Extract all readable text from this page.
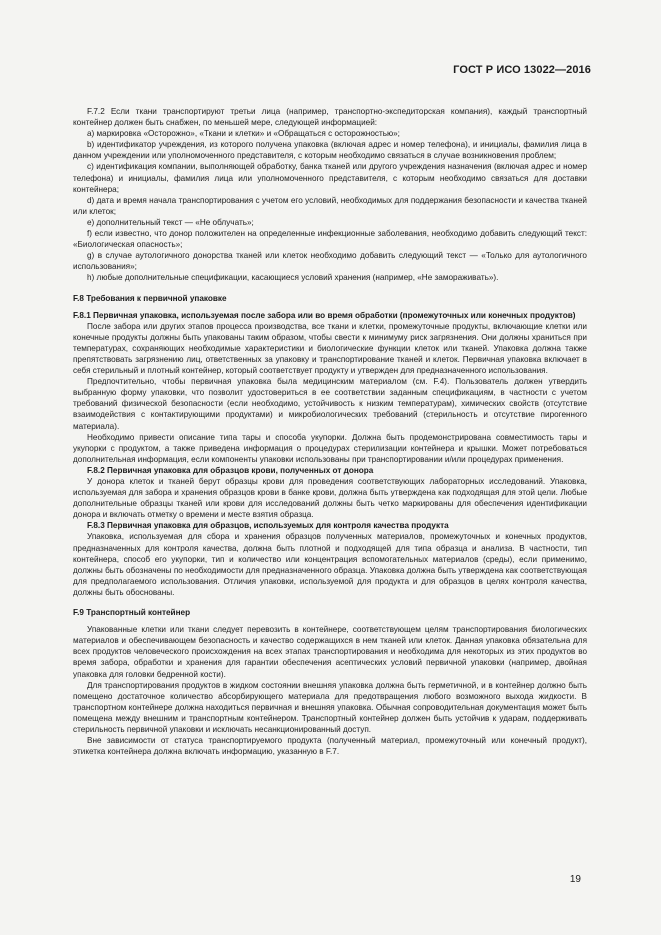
ГОСТ Р ИСО 13022—2016

F.7.2 Если ткани транспортируют третьи лица (например, транспортно-экспедиторская компания), каждый транспортный контейнер должен быть снабжен, по меньшей мере, следующей информацией:

a) маркировка «Осторожно», «Ткани и клетки» и «Обращаться с осторожностью»;

b) идентификатор учреждения, из которого получена упаковка (включая адрес и номер телефона), и инициалы, фамилия лица в данном учреждении или уполномоченного представителя, с которым необходимо связаться в случае возникновения проблем;

c) идентификация компании, выполняющей обработку, банка тканей или другого учреждения назначения (включая адрес и номер телефона) и инициалы, фамилия лица или уполномоченного представителя, с которым необходимо связаться для доставки контейнера;

d) дата и время начала транспортирования с учетом его условий, необходимых для поддержания безопасности и качества тканей или клеток;

e) дополнительный текст — «Не облучать»;

f) если известно, что донор положителен на определенные инфекционные заболевания, необходимо добавить следующий текст: «Биологическая опасность»;

g) в случае аутологичного донорства тканей или клеток необходимо добавить следующий текст — «Только для аутологичного использования»;

h) любые дополнительные спецификации, касающиеся условий хранения (например, «Не замораживать»).

F.8 Требования к первичной упаковке
F.8.1 Первичная упаковка, используемая после забора или во время обработки (промежуточных или конечных продуктов)

После забора или других этапов процесса производства, все ткани и клетки, промежуточные продукты, включающие клетки или конечные продукты должны быть упакованы таким образом, чтобы свести к минимуму риск загрязнения. Они должны храниться при температурах, сохраняющих необходимые характеристики и биологические функции клеток или тканей. Упаковка должна также препятствовать загрязнению лиц, ответственных за упаковку и транспортирование тканей и клеток. Первичная упаковка включает в себя стерильный и плотный контейнер, который соответствует продукту и утвержден для предназначенного использования.

Предпочтительно, чтобы первичная упаковка была медицинским материалом (см. F.4). Пользователь должен утвердить выбранную форму упаковки, что позволит удостовериться в ее соответствии заданным спецификациям, в частности с учетом требований физической безопасности (если необходимо, устойчивость к низким температурам), химических свойств (отсутствие взаимодействия с контактирующими продуктами) и микробиологических требований (стерильность и отсутствие пирогенного материала).

Необходимо привести описание типа тары и способа укупорки. Должна быть продемонстрирована совместимость тары и укупорки с продуктом, а также приведена информация о процедурах стерилизации контейнера и крышки. Может потребоваться дополнительная информация, если компоненты упаковки использованы при транспортировании и/или процедурах применения.

F.8.2 Первичная упаковка для образцов крови, полученных от донора

У донора клеток и тканей берут образцы крови для проведения соответствующих лабораторных исследований. Упаковка, используемая для забора и хранения образцов крови в банке крови, должна быть утверждена как подходящая для этой цели. Любые дополнительные образцы тканей или крови для исследований должны быть четко маркированы для обеспечения идентификации донора и включать отметку о времени и месте взятия образца.

F.8.3 Первичная упаковка для образцов, используемых для контроля качества продукта

Упаковка, используемая для сбора и хранения образцов полученных материалов, промежуточных и конечных продуктов, предназначенных для контроля качества, должна быть плотной и подходящей для типа образца и анализа. В частности, тип контейнера, способ его укупорки, тип и количество или концентрация вспомогательных материалов (среды), если применимо, должны быть обозначены по необходимости для предназначенного образца. Упаковка должна быть утверждена как соответствующая для предполагаемого использования. Отличия упаковки, используемой для продукта и для образцов в целях контроля качества, должны быть обоснованы.

F.9 Транспортный контейнер

Упакованные клетки или ткани следует перевозить в контейнере, соответствующем целям транспортирования биологических материалов и обеспечивающем безопасность и качество содержащихся в нем тканей или клеток. Данная упаковка обязательна для всех продуктов человеческого происхождения на всех этапах транспортирования и необходима для некоторых из этих продуктов во время забора, обработки и хранения для гарантии обеспечения асептических условий первичной упаковки (например, двойная упаковка для головки бедренной кости).

Для транспортирования продуктов в жидком состоянии внешняя упаковка должна быть герметичной, и в контейнер должно быть помещено достаточное количество абсорбирующего материала для предотвращения любого возможного выхода жидкости. В транспортном контейнере должна находиться первичная и внешняя упаковка. Обычная сопроводительная документация может быть помещена между внешним и транспортным контейнером. Транспортный контейнер должен быть устойчив к ударам, поддерживать стерильность первичной упаковки и исключать несанкционированный доступ.

Вне зависимости от статуса транспортируемого продукта (полученный материал, промежуточный или конечный продукт), этикетка контейнера должна включать информацию, указанную в F.7.

19
